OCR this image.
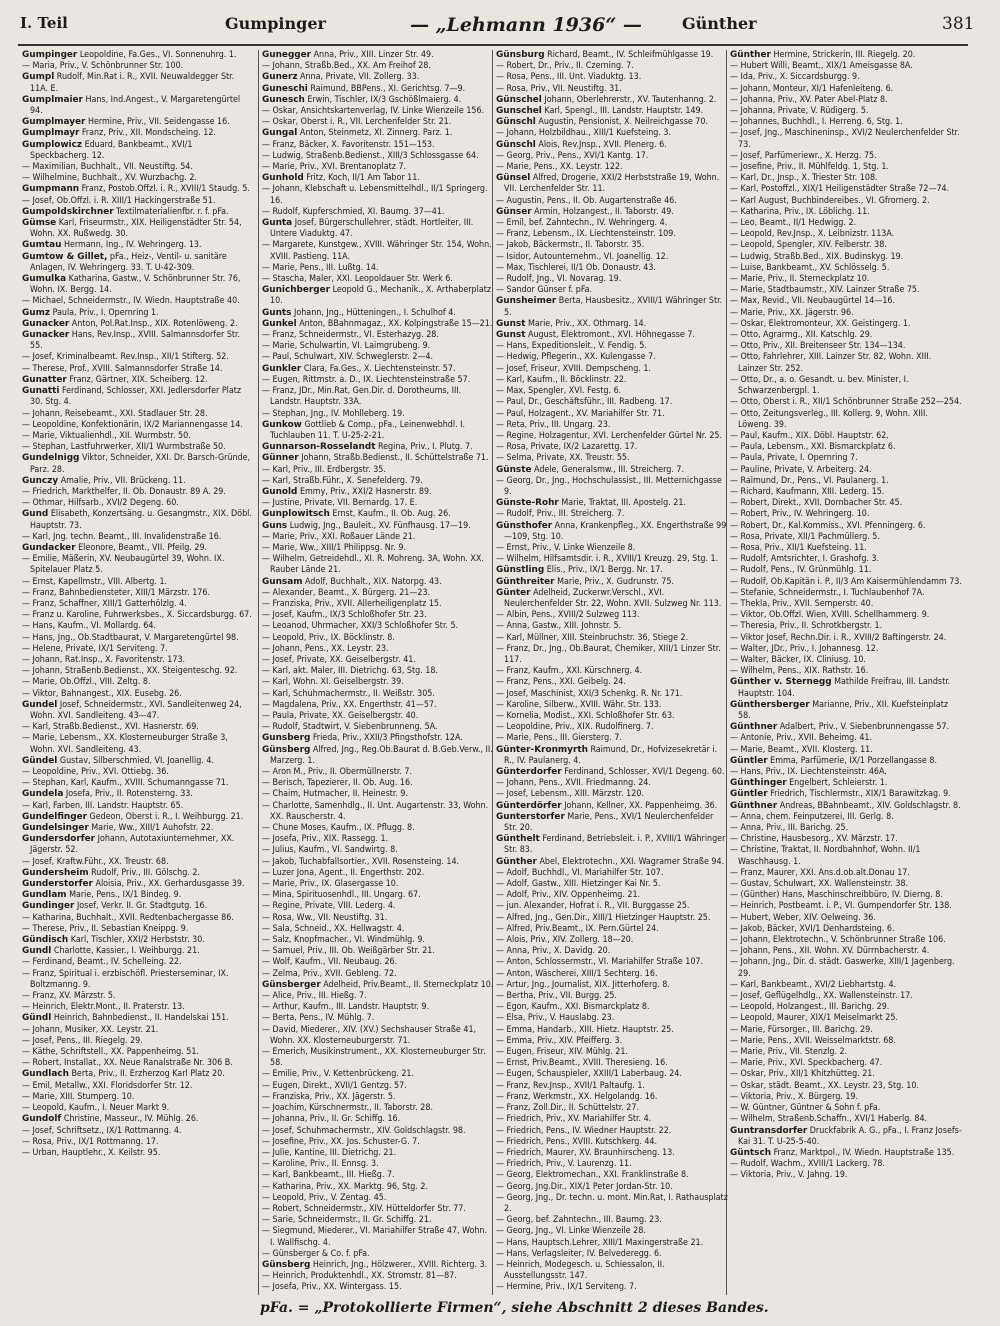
I. Teil	Gumpinger	— „Lehmann 1936“ —	Günther	381
Gumpinger Leopoldine, Fa.Ges., VI. Sonnenuhrg. 1.
— Maria, Priv., V. Schönbrunner Str. 100.
Gumpl Rudolf, Min.Rat i. R., XVII. Neuwaldegger Str. 11A. E.
Gumplmaier Hans, Ind.Angest., V. Margaretengürtel 94.
Gumplmayer Hermine, Priv., VII. Seidengasse 16.
Gumplmayr Franz, Priv., XII. Mondscheing. 12.
Gumplowicz Eduard, Bankbeamt., XVI/1 Speckbacherg. 12.
— Maximilian, Buchhalt., VII. Neustiftg. 54.
— Wilhelmine, Buchhalt., XV. Wurzbachg. 2.
Gumpmann Franz, Postob.Offzl. i. R., XVIII/1 Staudg. 5.
— Josef, Ob.Offzl. i. R. XIII/1 Hackingerstraße 51.
Gumpoldskirchner Textilmaterialienfbr. r. f. pFa.
Gümse Karl, Friseurmstr., XIX. Heiligenstädter Str. 54, Wohn. XX. Rußwedg. 30.
Gumtau Hermann, Ing., IV. Wehringerg. 13.
Gumtow & Gillet, pFa., Heiz-, Ventil- u. sanitäre Anlagen, IV. Wehringerg. 33. T. U-42-309.
Gumulka Katharina, Gastw., V. Schönbrunner Str. 76, Wohn. IX. Bergg. 14.
— Michael, Schneidermstr., IV. Wiedn. Hauptstraße 40.
Gumz Paula, Priv., I. Opernring 1.
Gunacker Anton, Pol.Rat.Insp., XIX. Rotenlöweng. 2.
Gunacker Hans, Rev.Insp., XVIII. Salmannsdorfer Str. 55.
— Josef, Kriminalbeamt. Rev.Insp., XII/1 Stifterg. 52.
— Therese, Prof., XVIII. Salmannsdorfer Straße 14.
Gunatter Franz, Gärtner, XIX. Scheiberg. 12.
Gunatti Ferdinand, Schlosser, XXI. Jedlersdorfer Platz 30. Stg. 4.
— Johann, Reisebeamt., XXI. Stadlauer Str. 28.
— Leopoldine, Konfektionärin, IX/2 Mariannengasse 14.
— Marie, Viktualienhdl., XII. Wurmbstr. 50.
— Stephan, Lastfuhrwerker, XII/1 Wurmbstraße 50.
Gundelnigg Viktor, Schneider, XXI. Dr. Barsch-Gründe, Parz. 28.
Gunczy Amalie, Priv., VII. Brückeng. 11.
— Friedrich, Markthelfer, II. Ob. Donaustr. 89 A. 29.
— Othmar, Hilfsarb., XVI/2 Degeng. 60.
Gund Elisabeth, Konzertsäng. u. Gesangmstr., XIX. Döbl. Hauptstr. 73.
— Karl, Jng. techn. Beamt., III. Invalidenstraße 16.
Gundacker Eleonore, Beamt., VII. Pfeilg. 29.
— Emilie, Mäßerin, XV. Neubaugürtel 39, Wohn. IX. Spitelauer Platz 5.
— Ernst, Kapellmstr., VIII. Albertg. 1.
— Franz, Bahnbediensteter, XIII/1 Märzstr. 176.
— Franz, Schaffner, XIII/1 Gatterhölzlg. 4.
— Franz u. Karoline, Fuhrwerksbes., X. Siccardsburgg. 67.
— Hans, Kaufm., VI. Mollardg. 64.
— Hans, Jng., Ob.Stadtbaurat, V. Margaretengürtel 98.
— Helene, Private, IX/1 Serviteng. 7.
— Johann, Rat.Insp., X. Favoritenstr. 173.
— Johann, Straßenb.Bedienst., XX. Steigenteschg. 92.
— Marie, Ob.Offzl., VIII. Zeltg. 8.
— Viktor, Bahnangest., XIX. Eusebg. 26.
Gundel Josef, Schneidermstr., XVI. Sandleitenweg 24, Wohn. XVI. Sandleiteng. 43—47.
— Karl, Straßb.Bedienst., XVI. Hasnerstr. 69.
— Marie, Lebensm., XX. Klosterneuburger Straße 3, Wohn. XVI. Sandleiteng. 43.
Gündel Gustav, Silberschmied, VI. Joanellig. 4.
— Leopoldine, Priv., XVI. Ottiebg. 36.
— Stephan, Karl, Kaufm., XVIII. Schumanngasse 71.
Gundela Josefa, Priv., II. Rotensterng. 33.
— Karl, Farben, III. Landstr. Hauptstr. 65.
Gundelfinger Gedeon, Oberst i. R., I. Weihburgg. 21.
Gundelsinger Marie, Ww., XIII/1 Auhofstr. 22.
Gundersdorfer Johann, Autotaxiunternehmer, XX. Jägerstr. 52.
— Josef, Kraftw.Führ., XX. Treustr. 68.
Gundersheim Rudolf, Priv., III. Gölschg. 2.
Gunderstorfer Aloisia, Priv., XX. Gerhardusgasse 39.
Gundlam Marie, Pens., IX/1 Bindeg. 9.
Gundinger Josef, Verkr. II. Gr. Stadtgutg. 16.
— Katharina, Buchhalt., XVII. Redtenbachergasse 86.
— Therese, Priv., II. Sebastian Kneippg. 9.
Gündisch Karl, Tischler, XXI/2 Herbststr. 30.
Gundl Charlotte, Kassier., I. Weihburgg. 21.
— Ferdinand, Beamt., IV. Schelleing. 22.
— Franz, Spiritual i. erzbischöfl. Priesterseminar, IX. Boltzmanng. 9.
— Franz, XV. Märzstr. 5.
— Heinrich, Elektr.Mont., II. Praterstr. 13.
Gündl Heinrich, Bahnbedienst., II. Handelskai 151.
— Johann, Musiker, XX. Leystr. 21.
— Josef, Pens., III. Riegelg. 29.
— Käthe, Schriftstell., XX. Pappenheimg. 51.
— Robert, Installat., XX. Neue Ranalstraße Nr. 306 B.
Gundlach Berta, Priv., II. Erzherzog Karl Platz 20.
— Emil, Metallw., XXI. Floridsdorfer Str. 12.
— Marie, XIII. Stumperg. 10.
— Leopold, Kaufm., I. Neuer Markt 9.
Gundolf Christine, Masseur., IV. Mühlg. 26.
— Josef, Schriftsetz., IX/1 Rottmanng. 4.
— Rosa, Priv., IX/1 Rottmanng. 17.
— Urban, Hauptlehr., X. Keilstr. 95.
Gunegger Anna, Priv., XIII. Linzer Str. 49.
— Johann, Straßb.Bed., XX. Am Freihof 28.
Gunerz Anna, Private, VII. Zollerg. 33.
Guneschi Raimund, BBPens., XI. Gerichtsg. 7—9.
Gunesch Erwin, Tischler, IX/3 Gschößlmaierg. 4.
— Oskar, Ansichtskartenverlag, IV. Linke Wienzeile 156.
— Oskar, Oberst i. R., VII. Lerchenfelder Str. 21.
Gungal Anton, Steinmetz, XI. Zinnerg. Parz. 1.
— Franz, Bäcker, X. Favoritenstr. 151—153.
— Ludwig, Straßenb.Bedienst., XIII/3 Schlossgasse 64.
— Marie, Priv., XVI. Brentanoplatz 7.
Gunhold Fritz, Koch, II/1 Am Tabor 11.
— Johann, Klebschaft u. Lebensmittelhdl., II/1 Springerg. 16.
— Rudolf, Kupferschmied, XI. Baumg. 37—41.
Gunta Josef, Bürgerschullehrer, städt. Hortleiter, III. Untere Viaduktg. 47.
— Margarete, Kunstgew., XVIII. Währinger Str. 154, Wohn. XVIII. Pastieng. 11A.
— Marie, Pens., III. Lußtg. 14.
— Stascha, Maler, XXI. Leopoldauer Str. Werk 6.
Gunichberger Leopold G., Mechanik., X. Arthaberplatz 10.
Gunts Johann, Jng., Hütteningen., I. Schulhof 4.
Gunkel Anton, BBahnmagaz., XX. Kolpingstraße 15—21.
— Franz, Schneidermstr., VI. Esterhazyg. 28.
— Marie, Schulwartin, VI. Laimgrubeng. 9.
— Paul, Schulwart, XIV. Schweglerstr. 2—4.
Gunkler Clara, Fa.Ges., X. Liechtensteinstr. 57.
— Eugen, Rittmstr. a. D., IX. Liechtensteinstraße 57.
— Franz, JDr., Min.Rat, Gen.Dir. d. Dorotheums, III. Landstr. Hauptstr. 33A.
— Stephan, Jng., IV. Mohlleberg. 19.
Gunkow Gottlieb & Comp., pFa., Leinenwebhdl. I. Tuchlauben 11. T. U-25-2-21.
Gunnarson-Rosselandt Regina, Priv., I. Plutg. 7.
Günner Johann, Straßb.Bedienst., II. Schüttelstraße 71.
— Karl, Priv., III. Erdbergstr. 35.
— Karl, Straßb.Führ., X. Senefelderg. 79.
Gunold Emmy, Priv., XXI/2 Hasnerstr. 89.
— Justine, Private, VII. Bernardg. 17. E.
Gunplowitsch Ernst, Kaufm., II. Ob. Aug. 26.
Guns Ludwig, Jng., Bauleit., XV. Fünfhausg. 17—19.
— Marie, Priv., XXI. Roßauer Lände 21.
— Marie, Ww., XIII/1 Philippsg. Nr. 9.
— Wilhelm, Getreidehdl., XI. R. Mohreng. 3A, Wohn. XX. Rauber Lände 21.
Gunsam Adolf, Buchhalt., XIX. Natorpg. 43.
— Alexander, Beamt., X. Bürgerg. 21—23.
— Franziska, Priv., XVII. Allerheiligenplatz 15.
— Josef, Kaufm., IX/3 Schloßhofer Str. 23.
— Leoanod, Uhrmacher, XXI/3 Schloßhofer Str. 5.
— Leopold, Priv., IX. Böcklinstr. 8.
— Johann, Pens., XX. Leystr. 23.
— Josef, Private, XX. Geiselbergstr. 41.
— Karl, akt. Maler, III. Dietrichg. 63, Stg. 18.
— Karl, Wohn. XI. Geiselbergstr. 39.
— Karl, Schuhmachermstr., II. Weißstr. 305.
— Magdalena, Priv., XX. Engerthstr. 41—57.
— Paula, Private, XX. Geiselbergstr. 40.
— Rudolf, Stadtwirt, V. Siebenbrunneng. 5A.
Gunsberg Frieda, Priv., XXII/3 Pfingsthofstr. 12A.
Günsberg Alfred, Jng., Reg.Ob.Baurat d. B.Geb.Verw., II. Marzerg. 1.
— Aron M., Priv., II. Obermüllnerstr. 7.
— Berisch, Tapezierer, II. Ob. Aug. 16.
— Chaim, Hutmacher, II. Heinestr. 9.
— Charlotte, Samenhdlg., II. Unt. Augartenstr. 33, Wohn. XX. Rauscherstr. 4.
— Chune Moses, Kaufm., IX. Pflugg. 8.
— Josefa, Priv., XIX. Rassegg. 1.
— Julius, Kaufm., VI. Sandwirtg. 8.
— Jakob, Tuchabfallsortier., XVII. Rosensteing. 14.
— Luzer Jona, Agent., II. Engerthstr. 202.
— Marie, Priv., IX. Glasergasse 10.
— Mina, Spirituosenhdl., III. Ungarg. 67.
— Regine, Private, VIII. Lederg. 4.
— Rosa, Ww., VII. Neustiftg. 31.
— Sala, Schneid., XX. Hellwagstr. 4.
— Salz, Knopfmacher., VI. Windmühlg. 9.
— Samuel, Priv., III. Ob. Weißgärber Str. 21.
— Wolf, Kaufm., VII. Neubaug. 26.
— Zelma, Priv., XVII. Gebleng. 72.
Günsberger Adelheid, Priv.Beamt., II. Sterneckplatz 10.
— Alice, Priv., III. Hießg. 7.
— Arthur, Kaufm., III. Landstr. Hauptstr. 9.
— Berta, Pens., IV. Mühlg. 7.
— David, Miederer., XIV. (XV.) Sechshauser Straße 41, Wohn. XX. Klosterneuburgerstr. 71.
— Emerich, Musikinstrument., XX. Klosterneuburger Str. 58.
— Emilie, Priv., V. Kettenbrückeng. 21.
— Eugen, Direkt., XVII/1 Gentzg. 57.
— Franziska, Priv., XX. Jägerstr. 5.
— Joachim, Kürschnermstr., II. Taborstr. 28.
— Johanna, Priv., II. Gr. Schiffg. 16.
— Josef, Schuhmachermstr., XIV. Goldschlagstr. 98.
— Josefine, Priv., XX. Jos. Schuster-G. 7.
— Julie, Kantine, III. Dietrichg. 21.
— Karoline, Priv., II. Ennsg. 3.
— Karl, Bankbeamt., III. Hießg. 7.
— Katharina, Priv., XX. Marktg. 96, Stg. 2.
— Leopold, Priv., V. Zentag. 45.
— Robert, Schneidermstr., XIV. Hütteldorfer Str. 77.
— Sarie, Schneidermstr., II. Gr. Schiffg. 21.
— Siegmund, Miederer., VI. Mariahilfer Straße 47, Wohn. I. Wallfischg. 4.
— Günsberger & Co. f. pFa.
Günsberg Heinrich, Jng., Hölzwerer., XVIII. Richterg. 3.
— Heinrich, Produktenhdl., XX. Stromstr. 81—87.
— Josefa, Priv., XX. Wintergass. 15.
Günsburg Richard, Beamt., IV. Schleifmühlgasse 19.
— Robert, Dr., Priv., II. Czerning. 7.
— Rosa, Pens., III. Unt. Viaduktg. 13.
— Rosa, Priv., VII. Neustiftg. 31.
Günschel Johann, Oberlehrerstr., XV. Tautenhanng. 2.
Gunschel Karl, Spengl., III. Landstr. Hauptstr. 149.
Günschl Augustin, Pensionist, X. Neilreichgasse 70.
— Johann, Holzbildhau., XIII/1 Kuefsteing. 3.
Günschl Alois, Rev.Jnsp., XVII. Plenerg. 6.
— Georg, Priv., Pens., XVI/1 Kantg. 17.
— Marie, Pens., XX. Leystr. 122.
Günsel Alfred, Drogerie, XXI/2 Herbststraße 19, Wohn. VII. Lerchenfelder Str. 11.
— Augustin, Pens., II. Ob. Augartenstraße 46.
Günser Armin, Holzangest., II. Taborstr. 49.
— Emil, bef. Zahntechn., IV. Wehringerg. 4.
— Franz, Lebensm., IX. Liechtensteinstr. 109.
— Jakob, Bäckermstr., II. Taborstr. 35.
— Isidor, Autounternehm., VI. Joanellig. 12.
— Max, Tischlerei, II/1 Ob. Donaustr. 43.
— Rudolf, Jng., VI. Novarag. 19.
— Sandor Günser f. pFa.
Gunsheimer Berta, Hausbesitz., XVIII/1 Währinger Str. 5.
Gunst Marie, Priv., XX. Othmarg. 14.
Gunst August, Elektromont., XVI. Höhnegasse 7.
— Hans, Expeditionsleit., V. Fendig. 5.
— Hedwig, Pflegerin., XX. Kulengasse 7.
— Josef, Friseur, XVIII. Dempscheng. 1.
— Karl, Kaufm., II. Böcklinstr. 22.
— Max, Spengler, XVI. Festg. 6.
— Paul, Dr., Geschäftsführ., III. Radbeng. 17.
— Paul, Holzagent., XV. Mariahilfer Str. 71.
— Reta, Priv., III. Ungarg. 23.
— Regine, Holzagentur, XVI. Lerchenfelder Gürtel Nr. 25.
— Rosa, Private, IX/2 Lazarettg. 17.
— Selma, Private, XX. Treustr. 55.
Günste Adele, Generalsmw., III. Streicherg. 7.
— Georg, Dr., Jng., Hochschulassist., III. Metternichgasse 9.
Günste-Rohr Marie, Traktat, III. Apostelg. 21.
— Rudolf, Priv., III. Streicherg. 7.
Günsthofer Anna, Krankenpfleg., XX. Engerthstraße 99—109, Stg. 10.
— Ernst, Priv., V. Linke Wienzeile 8.
— Wilhelm, Hilfsamtsdir. i. R., XVIII/1 Kreuzg. 29, Stg. 1.
Günstling Elis., Priv., IX/1 Bergg. Nr. 17.
Günthreiter Marie, Priv., X. Gudrunstr. 75.
Günter Adelheid, Zuckerwr.Verschl., XVI. Neulerchenfelder Str. 22, Wohn. XVII. Sulzweg Nr. 113.
— Albin, Pens., XVIII/2 Sulzweg 113.
— Anna, Gastw., XIII. Johnstr. 5.
— Karl, Müllner, XIII. Steinbruchstr. 36, Stiege 2.
— Franz, Dr., Jng., Ob.Baurat, Chemiker, XIII/1 Linzer Str. 117.
— Franz, Kaufm., XXI. Kürschnerg. 4.
— Franz, Pens., XXI. Geibelg. 24.
— Josef, Maschinist, XXI/3 Schenkg. R. Nr. 171.
— Karoline, Silberw., XVIII. Währ. Str. 133.
— Kornelia, Modist., XXI. Schloßhofer Str. 63.
— Leopoldine, Priv., XIX. Rudolfinerg. 7.
— Marie, Pens., III. Giersterg. 7.
Günter-Kronmyrth Raimund, Dr., Hofvizesekretär i. R., IV. Paulanerg. 4.
Günterdorfer Ferdinand, Schlosser, XVI/1 Degeng. 60.
— Johann, Pens., XVII. Friedmanng. 24.
— Josef, Lebensm., XIII. Märzstr. 120.
Günterdörfer Johann, Kellner, XX. Pappenheimg. 36.
Gunterstorfer Marie, Pens., XVI/1 Neulerchenfelder Str. 20.
Günthelt Ferdinand, Betriebsleit. i. P., XVIII/1 Währinger Str. 83.
Günther Abel, Elektrotechn., XXI. Wagramer Straße 94.
— Adolf, Buchhdl., VI. Mariahilfer Str. 107.
— Adolf, Gastw., XIII. Hietzinger Kai Nr. 5.
— Adolf, Priv., XIV. Oppenheimg. 21.
— jun. Alexander, Hofrat i. R., VII. Burggasse 25.
— Alfred, Jng., Gen.Dir., XIII/1 Hietzinger Hauptstr. 25.
— Alfred, Priv.Beamt., IX. Pern.Gürtel 24.
— Alois, Priv., XIV. Zollerg. 18—20.
— Anna, Priv., X. Davidg. 20.
— Anton, Schlossermstr., VI. Mariahilfer Straße 107.
— Anton, Wäscherei, XIII/1 Sechterg. 16.
— Artur, Jng., Journalist, XIX. Jitterhoferg. 8.
— Bertha, Priv., VII. Burgg. 25.
— Egon, Kaufm., XXI. Bismarckplatz 8.
— Elsa, Priv., V. Hauslabg. 23.
— Emma, Handarb., XIII. Hietz. Hauptstr. 25.
— Emma, Priv., XIV. Pfeifferg. 3.
— Eugen, Friseur, XIV. Mühlg. 21.
— Ernst, Priv.Beamt., XVIII. Theresieng. 16.
— Eugen, Schauspieler, XXIII/1 Laberbaug. 24.
— Franz, Rev.Jnsp., XVII/1 Paltaufg. 1.
— Franz, Werkmstr., XX. Helgolandg. 16.
— Franz, Zoll.Dir., II. Schüttelstr. 27.
— Friedrich, Priv., XV. Mariahilfer Str. 4.
— Friedrich, Pens., IV. Wiedner Hauptstr. 22.
— Friedrich, Pens., XVIII. Kutschkerg. 44.
— Friedrich, Maurer, XV. Braunhirscheng. 13.
— Friedrich, Priv., V. Laurenzg. 11.
— Georg, Elektromechan., XXI. Franklinstraße 8.
— Georg, Jng.Dir., XIX/1 Peter Jordan-Str. 10.
— Georg, Jng., Dr. techn. u. mont. Min.Rat, I. Rathausplatz 2.
— Georg, bef. Zahntechn., III. Baumg. 23.
— Georg, Jng., VI. Linke Wienzeile 28.
— Hans, Hauptsch.Lehrer, XIII/1 Maxingerstraße 21.
— Hans, Verlagsleiter, IV. Belvederegg. 6.
— Heinrich, Modegesch. u. Schiessalon, II. Ausstellungsstr. 147.
— Hermine, Priv., IX/1 Serviteng. 7.
Günther Hermine, Strickerin, III. Riegelg. 20.
— Hubert Willi, Beamt., XIX/1 Ameisgasse 8A.
— Ida, Priv., X. Siccardsburgg. 9.
— Johann, Monteur, XI/1 Hafenleiteng. 6.
— Johanna, Priv., XV. Pater Abel-Platz 8.
— Johanna, Private, V. Rüdigerg. 5.
— Johannes, Buchhdl., I. Herreng. 6, Stg. 1.
— Josef, Jng., Maschineninsp., XVI/2 Neulerchenfelder Str. 73.
— Josef, Parfümeriewr., X. Herzg. 75.
— Josefine, Priv., II. Mühlfeldg. 1, Stg. 1.
— Karl, Dr., Jnsp., X. Triester Str. 108.
— Karl, Postoffzl., XIX/1 Heiligenstädter Straße 72—74.
— Karl August, Buchbindereibes., VI. Gfrornerg. 2.
— Katharina, Priv., IX. Löblichg. 11.
— Leo, Beamt., II/1 Hedwigg. 2.
— Leopold, Rev.Jnsp., X. Leibnizstr. 113A.
— Leopold, Spengler, XIV. Felberstr. 38.
— Ludwig, Straßb.Bed., XIX. Budinskyg. 19.
— Luise, Bankbeamt., XV. Schlösselg. 5.
— Marie, Priv., II. Sterneckplatz 10.
— Marie, Stadtbaumstr., XIV. Lainzer Straße 75.
— Max, Revid., VII. Neubaugürtel 14—16.
— Marie, Priv., XX. Jägerstr. 96.
— Oskar, Elektromonteur, XX. Geistingerg. 1.
— Otto, Agrarmg., XII. Katschlg. 29.
— Otto, Priv., XII. Breitenseer Str. 134—134.
— Otto, Fahrlehrer, XIII. Lainzer Str. 82, Wohn. XIII. Lainzer Str. 252.
— Otto, Dr., a. o. Gesandt. u. bev. Minister, I. Schwarzenbergpl. 1.
— Otto, Oberst i. R., XII/1 Schönbrunner Straße 252—254.
— Otto, Zeitungsverleg., III. Kollerg. 9, Wohn. XIII. Löweng. 39.
— Paul, Kaufm., XIX. Döbl. Hauptstr. 62.
— Paula, Lebensm., XXI. Bismarckplatz 6.
— Paula, Private, I. Opernring 7.
— Pauline, Private, V. Arbeiterg. 24.
— Raimund, Dr., Pens., VI. Paulanerg. 1.
— Richard, Kaufmann, XIII. Lederg. 15.
— Robert, Direkt., XVII. Dornbacher Str. 45.
— Robert, Priv., IV. Wehringerg. 10.
— Robert, Dr., Kal.Kommiss., XVI. Pfenningerg. 6.
— Rosa, Private, XII/1 Pachmüllerg. 5.
— Rosa, Priv., XII/1 Kuefsteing. 11.
— Rudolf, Amtsrichter, I. Grashofg. 3.
— Rudolf, Pens., IV. Grünmühlg. 11.
— Rudolf, Ob.Kapitän i. P., II/3 Am Kaisermühlendamm 73.
— Stefanie, Schneidermstr., I. Tuchlaubenhof 7A.
— Thekla, Priv., XVII. Semperstr. 40.
— Viktor, Ob.Offzl. Wien, XVIII. Schellhammerg. 9.
— Theresia, Priv., II. Schrotkbergstr. 1.
— Viktor Josef, Rechn.Dir. i. R., XVIII/2 Baftingerstr. 24.
— Walter, JDr., Priv., I. Johannesg. 12.
— Walter, Bäcker, IX. Cliniusg. 10.
— Wilhelm, Pens., XIX. Rathstr. 16.
Günther v. Sternegg Mathilde Freifrau, III. Landstr. Hauptstr. 104.
Günthersberger Marianne, Priv., XII. Kuefsteinplatz 58.
Günthner Adalbert, Priv., V. Siebenbrunnengasse 57.
— Antonie, Priv., XVII. Beheimg. 41.
— Marie, Beamt., XVII. Klosterg. 11.
Güntler Emma, Parfümerie, IX/1 Porzellangasse 8.
— Hans, Priv., IX. Liechtensteinstr. 46A.
Günthinger Engelbert, Schleierstr. 1.
Güntler Friedrich, Tischlermstr., XIX/1 Barawitzkag. 9.
Günthner Andreas, BBahnbeamt., XIV. Goldschlagstr. 8.
— Anna, chem. Feinputzerei, III. Gerlg. 8.
— Anna, Priv., III. Barichg. 25.
— Christine, Hausbesorg., XV. Märzstr. 17.
— Christine, Traktat, II. Nordbahnhof, Wohn. II/1 Waschhausg. 1.
— Franz, Maurer, XXI. Ans.d.ob.alt.Donau 17.
— Gustav, Schulwart, XX. Wallensteinstr. 38.
— (Günther) Hans, Maschinschreibbüro, IV. Dierng. 8.
— Heinrich, Postbeamt. i. P., VI. Gumpendorfer Str. 138.
— Hubert, Weber, XIV. Oelweing. 36.
— Jakob, Bäcker, XVI/1 Denhardsteing. 6.
— Johann, Elektrotechn., V. Schönbrunner Straße 106.
— Johann, Pens., XII. Wohn. XV. Dürrnbacherstr. 4.
— Johann, Jng., Dir. d. städt. Gaswerke, XIII/1 Jagenberg. 29.
— Karl, Bankbeamt., XVI/2 Liebhartstg. 4.
— Josef, Geflügelhdlg., XX. Wallensteinstr. 17.
— Leopold, Holzangest., III. Barichg. 29.
— Leopold, Maurer, XIX/1 Meiselmarkt 25.
— Marie, Fürsorger., III. Barichg. 29.
— Marie, Pens., XVII. Weisselmarktstr. 68.
— Marie, Priv., VII. Stenzlg. 2.
— Marie, Priv., XVI. Speckbacherg. 47.
— Oskar, Priv., XII/1 Khitzhütteg. 21.
— Oskar, städt. Beamt., XX. Leystr. 23, Stg. 10.
— Viktoria, Priv., X. Bürgerg. 19.
— W. Güntner, Güntner & Sohn f. pFa.
— Wilhelm, Straßenb.Schaffn., XVI/1 Haberlg. 84.
Guntransdorfer Druckfabrik A. G., pFa., I. Franz Josefs-Kai 31. T. U-25-5-40.
Güntsch Franz, Marktpol., IV. Wiedn. Hauptstraße 135.
— Rudolf, Wachm., XVIII/1 Lackerg. 78.
— Viktoria, Priv., V. Jahng. 19.
pFa. = „Protokollierte Firmen“, siehe Abschnitt 2 dieses Bandes.
